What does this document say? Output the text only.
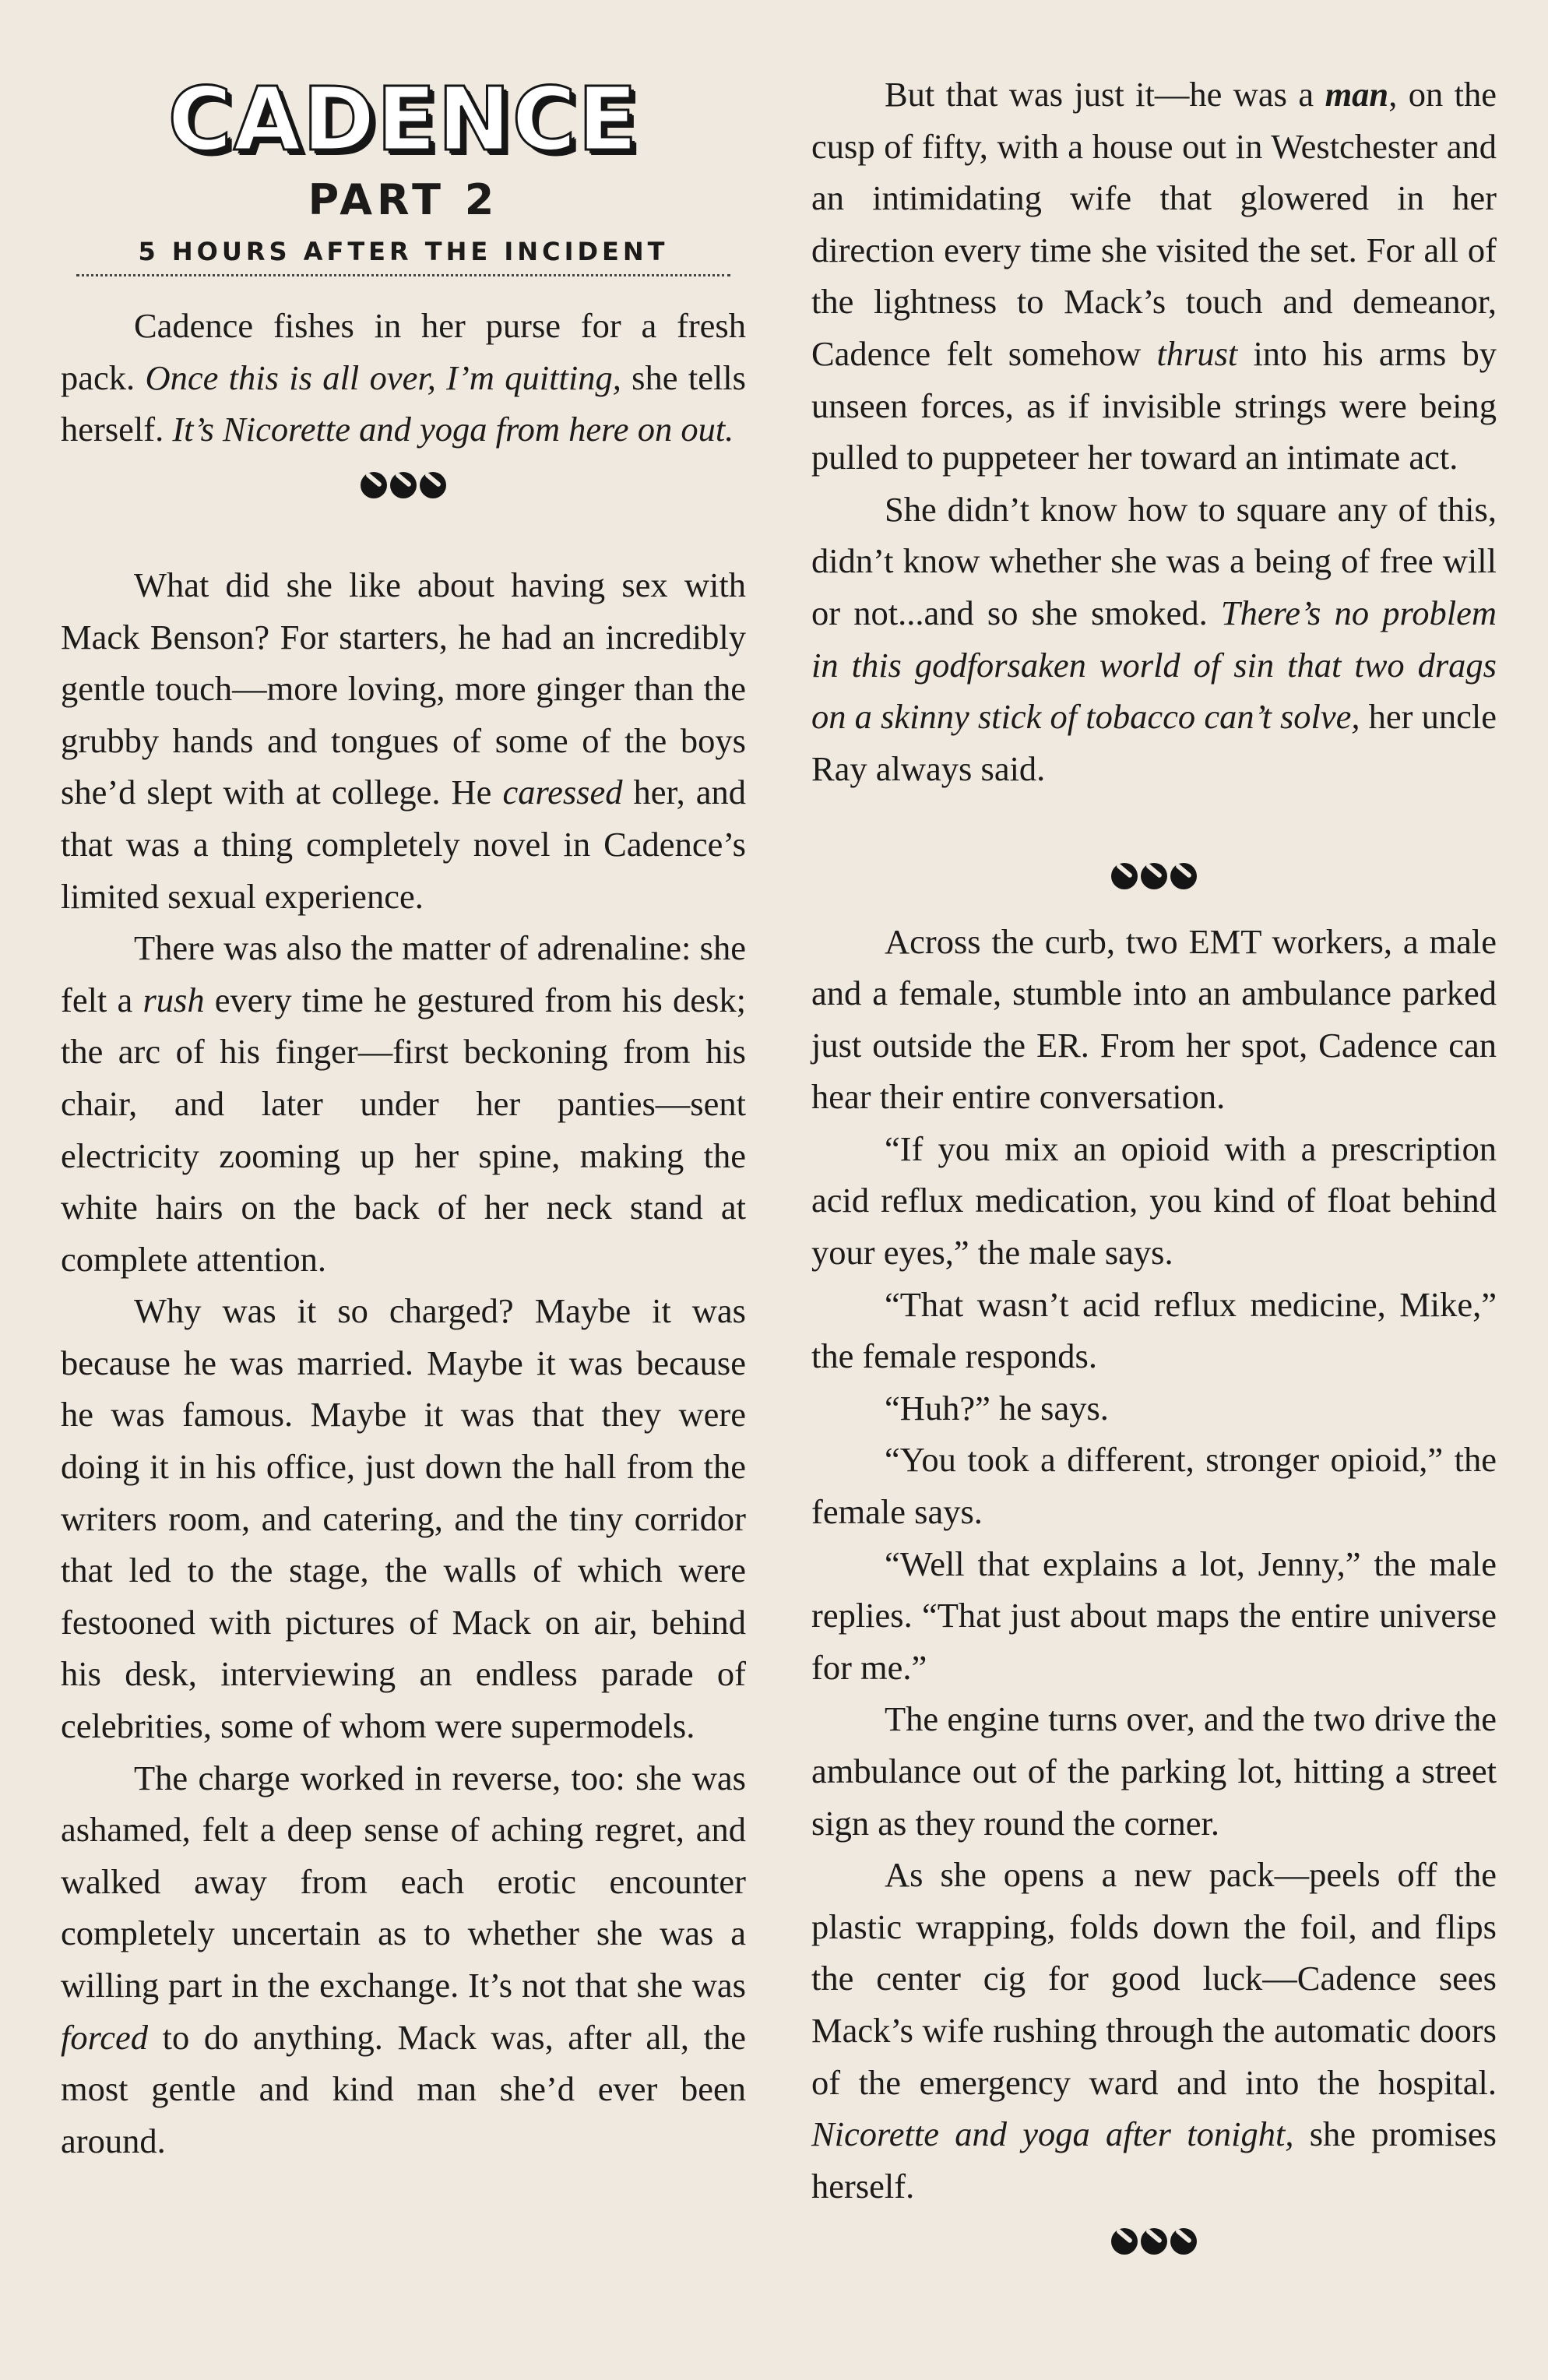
CADENCE
PART 2
5 HOURS AFTER THE INCIDENT

Cadence fishes in her purse for a fresh pack. Once this is all over, I’m quitting, she tells herself. It’s Nicorette and yoga from here on out.

What did she like about having sex with Mack Benson? For starters, he had an incredibly gentle touch—more loving, more ginger than the grubby hands and tongues of some of the boys she’d slept with at college. He caressed her, and that was a thing completely novel in Cadence’s limited sexual experience.

There was also the matter of adrenaline: she felt a rush every time he gestured from his desk; the arc of his finger—first beckoning from his chair, and later under her panties—sent electricity zooming up her spine, making the white hairs on the back of her neck stand at complete attention.

Why was it so charged? Maybe it was because he was married. Maybe it was because he was famous. Maybe it was that they were doing it in his office, just down the hall from the writers room, and catering, and the tiny corridor that led to the stage, the walls of which were festooned with pictures of Mack on air, behind his desk, interviewing an endless parade of celebrities, some of whom were supermodels.

The charge worked in reverse, too: she was ashamed, felt a deep sense of aching regret, and walked away from each erotic encounter completely uncertain as to whether she was a willing part in the exchange. It’s not that she was forced to do anything. Mack was, after all, the most gentle and kind man she’d ever been around.

But that was just it—he was a man, on the cusp of fifty, with a house out in Westchester and an intimidating wife that glowered in her direction every time she visited the set. For all of the lightness to Mack’s touch and demeanor, Cadence felt somehow thrust into his arms by unseen forces, as if invisible strings were being pulled to puppeteer her toward an intimate act.

She didn’t know how to square any of this, didn’t know whether she was a being of free will or not...and so she smoked. There’s no problem in this godforsaken world of sin that two drags on a skinny stick of tobacco can’t solve, her uncle Ray always said.

Across the curb, two EMT workers, a male and a female, stumble into an ambulance parked just outside the ER. From her spot, Cadence can hear their entire conversation.

“If you mix an opioid with a prescription acid reflux medication, you kind of float behind your eyes,” the male says.

“That wasn’t acid reflux medicine, Mike,” the female responds.

“Huh?” he says.

“You took a different, stronger opioid,” the female says.

“Well that explains a lot, Jenny,” the male replies. “That just about maps the entire universe for me.”

The engine turns over, and the two drive the ambulance out of the parking lot, hitting a street sign as they round the corner.

As she opens a new pack—peels off the plastic wrapping, folds down the foil, and flips the center cig for good luck—Cadence sees Mack’s wife rushing through the automatic doors of the emergency ward and into the hospital. Nicorette and yoga after tonight, she promises herself.
